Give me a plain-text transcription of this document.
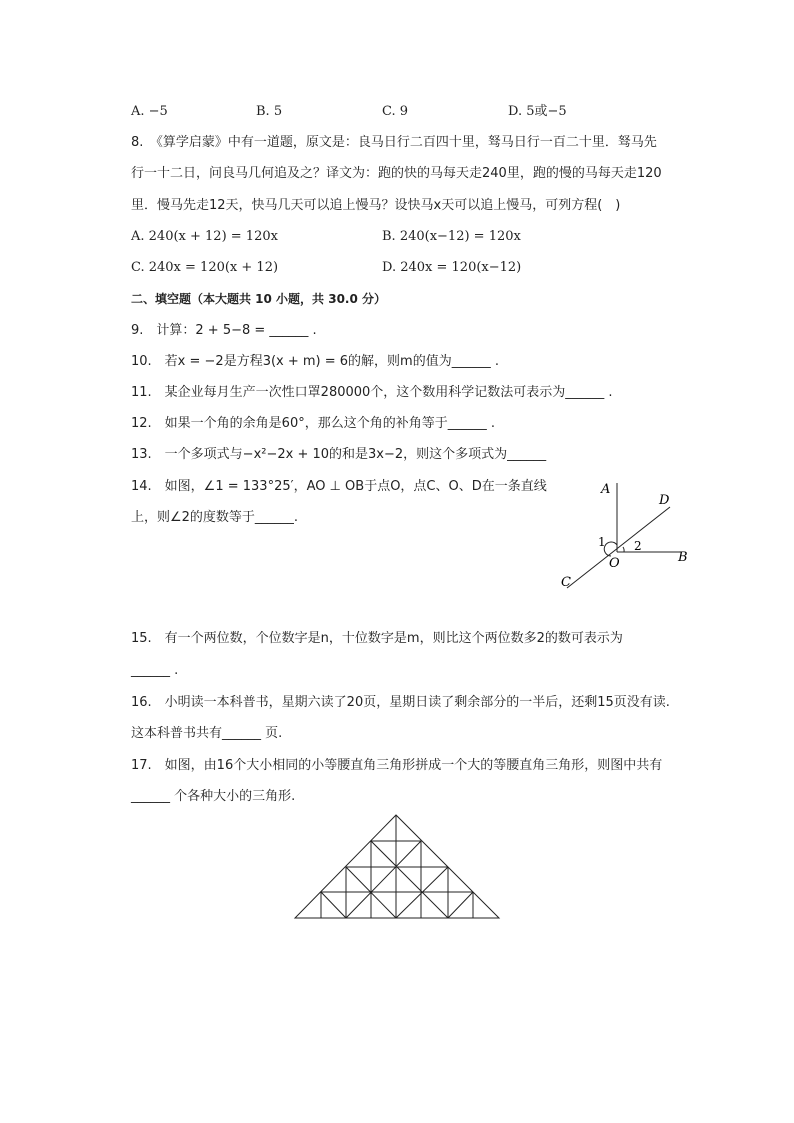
A. −5	B. 5	C. 9	D. 5或−5
8.　《算学启蒙》中有一道题，原文是：良马日行二百四十里，驽马日行一百二十里．驽马先
行一十二日，问良马几何追及之？译文为：跑的快的马每天走240里，跑的慢的马每天走120
里．慢马先走12天，快马几天可以追上慢马？设快马x天可以追上慢马，可列方程(　)
A. 240(x + 12) = 120x	B. 240(x−12) = 120x
C. 240x = 120(x + 12)	D. 240x = 120(x−12)
二、填空题（本大题共 10 小题，共 30.0 分）
9.　计算：2 + 5−8 = ______ .
10.　若x = −2是方程3(x + m) = 6的解，则m的值为______ .
11.　某企业每月生产一次性口罩280000个，这个数用科学记数法可表示为______ .
12.　如果一个角的余角是60°，那么这个角的补角等于______ .
13.　一个多项式与−x²−2x + 10的和是3x−2，则这个多项式为______
14.　如图，∠1 = 133°25′，AO ⊥ OB于点O，点C、O、D在一条直线
上，则∠2的度数等于______.
A
D
B
C
O
1 2
15.　有一个两位数，个位数字是n，十位数字是m，则比这个两位数多2的数可表示为
______ .
16.　小明读一本科普书，星期六读了20页，星期日读了剩余部分的一半后，还剩15页没有读.
这本科普书共有______ 页.
17.　如图，由16个大小相同的小等腰直角三角形拼成一个大的等腰直角三角形，则图中共有
______ 个各种大小的三角形.
